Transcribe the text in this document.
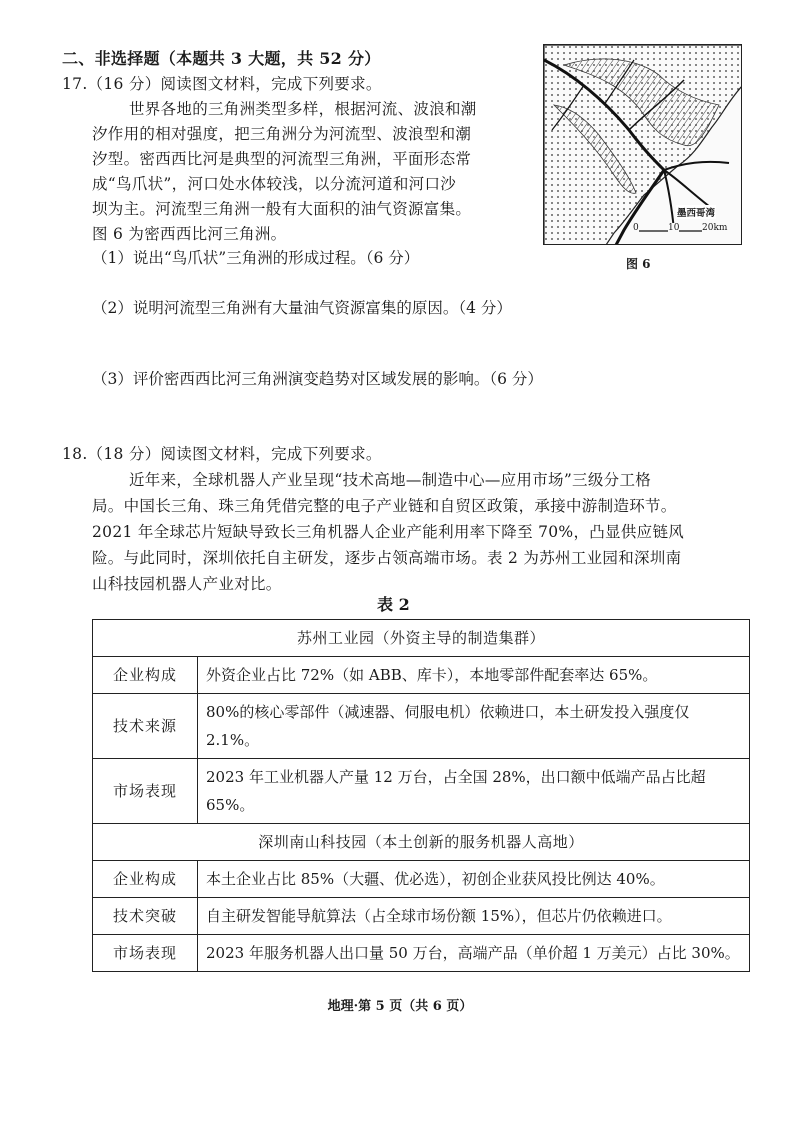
二、非选择题（本题共 3 大题，共 52 分）
17.（16 分）阅读图文材料，完成下列要求。
世界各地的三角洲类型多样，根据河流、波浪和潮
汐作用的相对强度，把三角洲分为河流型、波浪型和潮
汐型。密西西比河是典型的河流型三角洲，平面形态常
成“鸟爪状”，河口处水体较浅，以分流河道和河口沙
坝为主。河流型三角洲一般有大面积的油气资源富集。
图 6 为密西西比河三角洲。
（1）说出“鸟爪状”三角洲的形成过程。（6 分）
（2）说明河流型三角洲有大量油气资源富集的原因。（4 分）
（3）评价密西西比河三角洲演变趋势对区域发展的影响。（6 分）
墨西哥湾
0	10	20km
图 6
18.（18 分）阅读图文材料，完成下列要求。
近年来，全球机器人产业呈现“技术高地—制造中心—应用市场”三级分工格
局。中国长三角、珠三角凭借完整的电子产业链和自贸区政策，承接中游制造环节。
2021 年全球芯片短缺导致长三角机器人企业产能利用率下降至 70%，凸显供应链风
险。与此同时，深圳依托自主研发，逐步占领高端市场。表 2 为苏州工业园和深圳南
山科技园机器人产业对比。
表 2
苏州工业园（外资主导的制造集群）	
企业构成	外资企业占比 72%（如 ABB、库卡），本地零部件配套率达 65%。
技术来源	80%的核心零部件（减速器、伺服电机）依赖进口，本土研发投入强度仅 2.1%。
市场表现	2023 年工业机器人产量 12 万台，占全国 28%，出口额中低端产品占比超 65%。
深圳南山科技园（本土创新的服务机器人高地）	
企业构成	本土企业占比 85%（大疆、优必选），初创企业获风投比例达 40%。
技术突破	自主研发智能导航算法（占全球市场份额 15%），但芯片仍依赖进口。
市场表现	2023 年服务机器人出口量 50 万台，高端产品（单价超 1 万美元）占比 30%。
地理·第 5 页（共 6 页）
